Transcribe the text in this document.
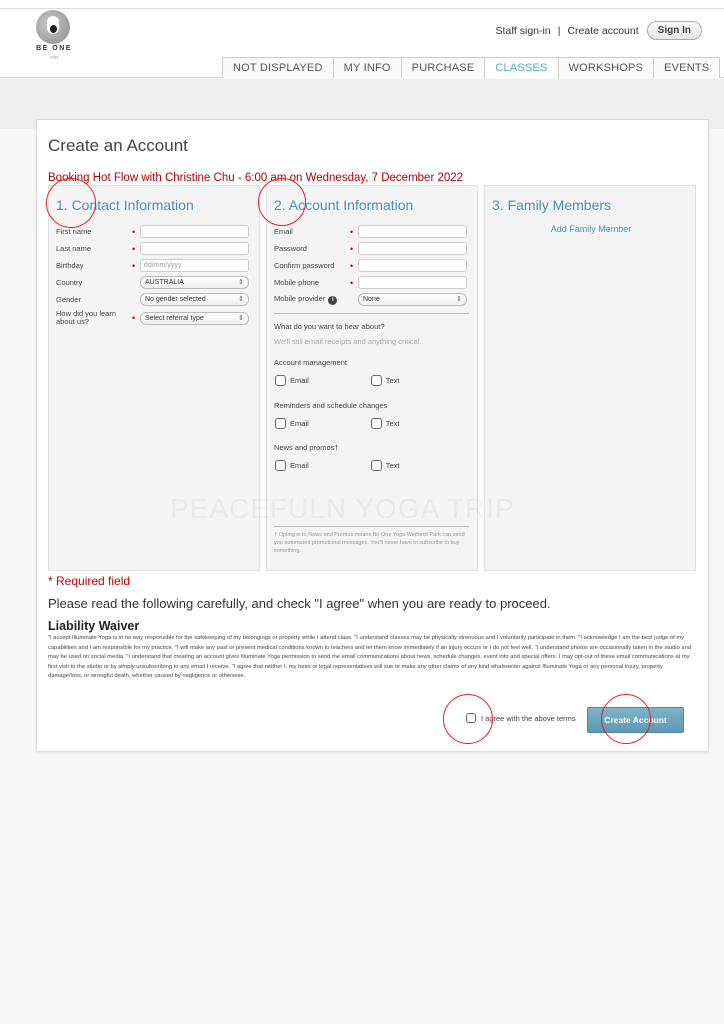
BE ONE
yoga
Staff sign-in | Create account	Sign In
NOT DISPLAYED	MY INFO	PURCHASE	CLASSES	WORKSHOPS	EVENTS
Create an Account
Booking Hot Flow with Christine Chu - 6:00 am on Wednesday, 7 December 2022
1. Contact Information
First name	•
Last name	•
Birthday	•	dd/mm/yyyy
Country	AUSTRALIA ⇕
Gender	No gender selected ⇕
How did you learn about us?	•	Select referral type ⇕
2. Account Information
Email	•
Password	•
Confirm password	•
Mobile phone	•
Mobile provider i	None ⇕
What do you want to hear about?
We'll still email receipts and anything critical.
Account management
Email	Text
Reminders and schedule changes
Email	Text
News and promos†
Email	Text
† Opting in to News and Promos means Be One Yoga Wetherill Park can send you automated promotional messages. You'll never have to subscribe to buy something.
3. Family Members
Add Family Member
* Required field
Please read the following carefully, and check "I agree" when you are ready to proceed.
Liability Waiver
"I accept Illuminate Yoga is in no way responsible for the safekeeping of my belongings or property while I attend class. "I understand classes may be physically strenuous and I voluntarily participate in them. "I acknowledge I am the best judge of my capabilities and I am responsible for my practice. "I will make any past or present medical conditions known to teachers and let them know immediately if an injury occurs or I do not feel well. "I understand photos are occasionally taken in the studio and may be used on social media. "I understand that creating an account gives Illuminate Yoga permission to send me email communications about news, schedule changes, event info and special offers. I may opt-out of these email communications at my first visit to the studio or by simply unsubscribing to any email I receive. "I agree that neither I, my heirs or legal representatives will sue or make any other claims of any kind whatsoever against Illuminate Yoga or any personal injury, property damage/loss, or wrongful death, whether caused by negligence or otherwise.
I agree with the above terms	Create Account
